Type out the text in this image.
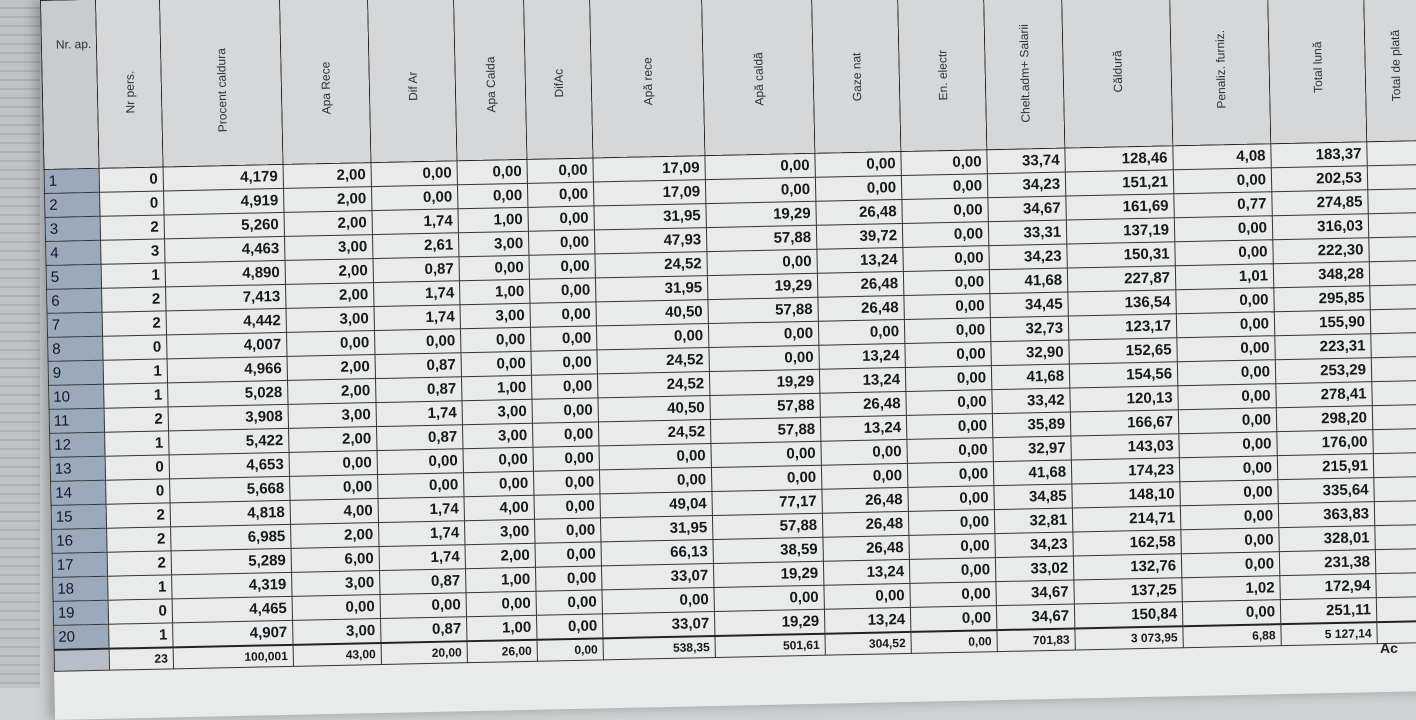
Nr. ap.	Nr pers.	Procent caldura	Apa Rece	Dif Ar	Apa Calda	DifAc	Apă rece	Apă caldă	Gaze nat	En. electr	Chelt.adm+ Salarii	Căldură	Penaliz. furniz.	Total lună	Total de plată

1	0	4,179	2,00	0,00	0,00	0,00	17,09	0,00	0,00	0,00	33,74	128,46	4,08	183,37	
2	0	4,919	2,00	0,00	0,00	0,00	17,09	0,00	0,00	0,00	34,23	151,21	0,00	202,53	
3	2	5,260	2,00	1,74	1,00	0,00	31,95	19,29	26,48	0,00	34,67	161,69	0,77	274,85	
4	3	4,463	3,00	2,61	3,00	0,00	47,93	57,88	39,72	0,00	33,31	137,19	0,00	316,03	
5	1	4,890	2,00	0,87	0,00	0,00	24,52	0,00	13,24	0,00	34,23	150,31	0,00	222,30	
6	2	7,413	2,00	1,74	1,00	0,00	31,95	19,29	26,48	0,00	41,68	227,87	1,01	348,28	
7	2	4,442	3,00	1,74	3,00	0,00	40,50	57,88	26,48	0,00	34,45	136,54	0,00	295,85	
8	0	4,007	0,00	0,00	0,00	0,00	0,00	0,00	0,00	0,00	32,73	123,17	0,00	155,90	
9	1	4,966	2,00	0,87	0,00	0,00	24,52	0,00	13,24	0,00	32,90	152,65	0,00	223,31	
10	1	5,028	2,00	0,87	1,00	0,00	24,52	19,29	13,24	0,00	41,68	154,56	0,00	253,29	
11	2	3,908	3,00	1,74	3,00	0,00	40,50	57,88	26,48	0,00	33,42	120,13	0,00	278,41	
12	1	5,422	2,00	0,87	3,00	0,00	24,52	57,88	13,24	0,00	35,89	166,67	0,00	298,20	
13	0	4,653	0,00	0,00	0,00	0,00	0,00	0,00	0,00	0,00	32,97	143,03	0,00	176,00	
14	0	5,668	0,00	0,00	0,00	0,00	0,00	0,00	0,00	0,00	41,68	174,23	0,00	215,91	
15	2	4,818	4,00	1,74	4,00	0,00	49,04	77,17	26,48	0,00	34,85	148,10	0,00	335,64	
16	2	6,985	2,00	1,74	3,00	0,00	31,95	57,88	26,48	0,00	32,81	214,71	0,00	363,83	
17	2	5,289	6,00	1,74	2,00	0,00	66,13	38,59	26,48	0,00	34,23	162,58	0,00	328,01	
18	1	4,319	3,00	0,87	1,00	0,00	33,07	19,29	13,24	0,00	33,02	132,76	0,00	231,38	
19	0	4,465	0,00	0,00	0,00	0,00	0,00	0,00	0,00	0,00	34,67	137,25	1,02	172,94	
20	1	4,907	3,00	0,87	1,00	0,00	33,07	19,29	13,24	0,00	34,67	150,84	0,00	251,11	
	23	100,001	43,00	20,00	26,00	0,00	538,35	501,61	304,52	0,00	701,83	3 073,95	6,88	5 127,14	
Ac
